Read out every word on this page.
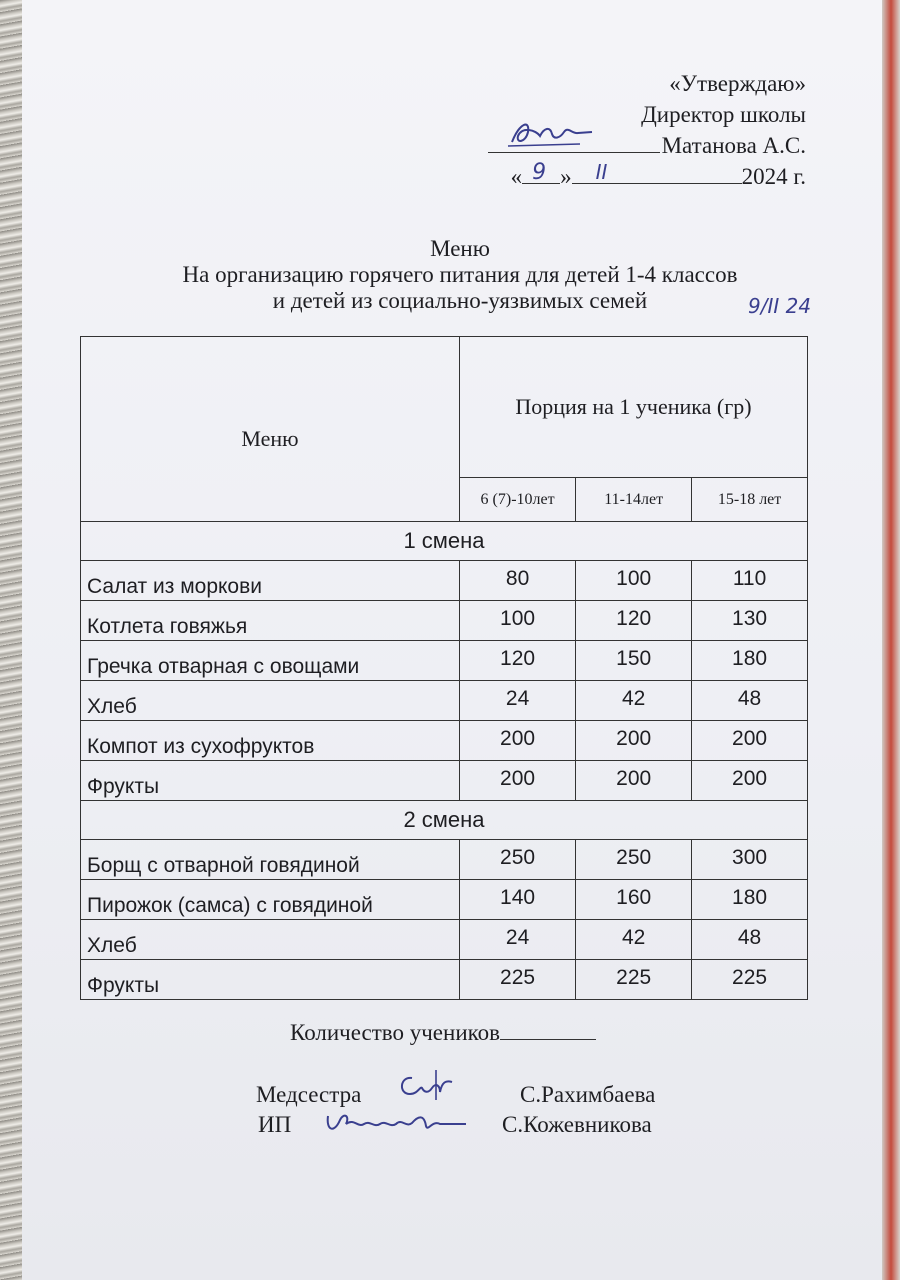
«Утверждаю»
Директор школы
Матанова А.С.
« 9 » ІІ	2024 г.
Меню
На организацию горячего питания для детей 1-4 классов
и детей из социально-уязвимых семей	9/ІІ 24
Меню	Порция на 1 ученика (гр)		
	6 (7)-10лет	11-14лет	15-18 лет
1 смена			
Салат из моркови	80	100	110
Котлета говяжья	100	120	130
Гречка отварная с овощами	120	150	180
Хлеб	24	42	48
Компот из сухофруктов	200	200	200
Фрукты	200	200	200
2 смена			
Борщ с отварной говядиной	250	250	300
Пирожок (самса) с говядиной	140	160	180
Хлеб	24	42	48
Фрукты	225	225	225
Количество учеников
Медсестра	С.Рахимбаева
ИП	С.Кожевникова
